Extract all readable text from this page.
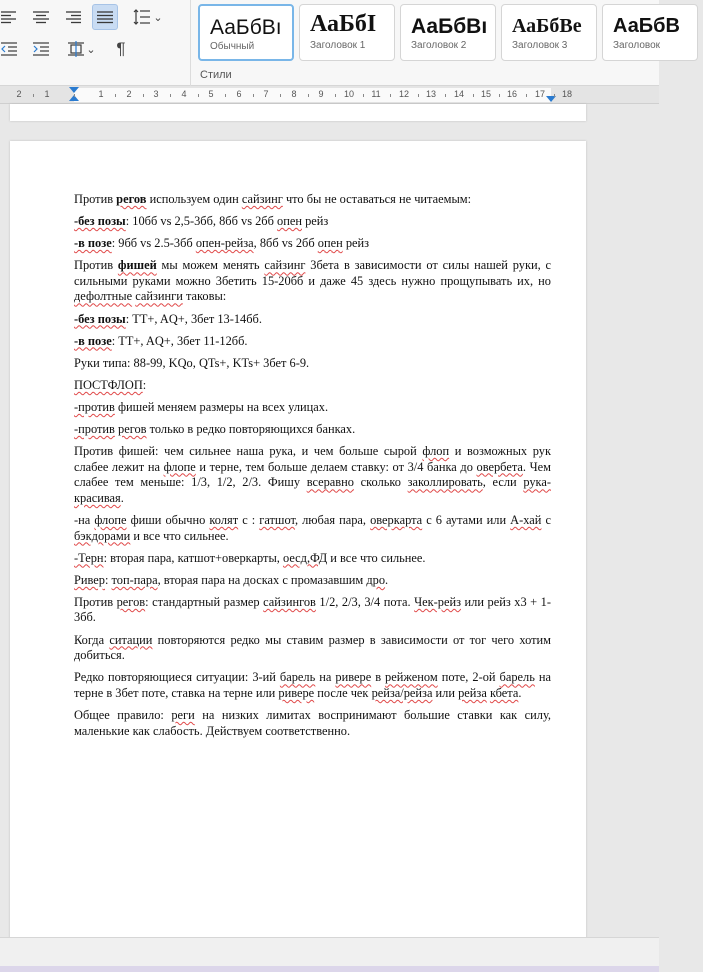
⌄
⌄ ¶
АаБбВı
Обычный
АаБбI
Заголовок 1
АаБбВı
Заголовок 2
АаБбВе
Заголовок 3
АаБбВ
Заголовок
Стили
2	1	1	2 3	4 5	6 7	8 9 10 11 12 13 14 15 16 17 18

Против регов используем один сайзинг что бы не оставаться не читаемым:

-без позы: 10бб vs 2,5-3бб, 8бб vs 2бб опен рейз

-в позе: 9бб vs 2.5-3бб опен-рейза, 8бб vs 2бб опен рейз

Против фишей мы можем менять сайзинг 3бета в зависимости от силы нашей руки, с сильными руками можно 3бетить 15-20бб и даже 45 здесь нужно прощупывать их, но дефолтные сайзинги таковы:

-без позы: TT+, AQ+, 3бет 13-14бб.

-в позе: TT+, AQ+, 3бет 11-12бб.

Руки типа: 88-99, KQo, QTs+, KTs+ 3бет 6-9.

ПОСТФЛОП:

-против фишей меняем размеры на всех улицах.

-против регов только в редко повторяющихся банках.

Против фишей: чем сильнее наша рука, и чем больше сырой флоп и возможных рук слабее лежит на флопе и терне, тем больше делаем ставку: от 3/4 банка до овербета. Чем слабее тем меньше: 1/3, 1/2, 2/3. Фишу всеравно сколько заколлировать, если рука-красивая.

-на флопе фиши обычно колят с : гатшот, любая пара, оверкарта с 6 аутами или А-хай с бэкдорами и все что сильнее.

-Терн: вторая пара, катшот+оверкарты, оесд,ФД и все что сильнее.

Ривер: топ-пара, вторая пара на досках с промазавшим дро.

Против регов: стандартный размер сайзингов 1/2, 2/3, 3/4 пота. Чек-рейз или рейз х3 + 1-3бб.

Когда ситации повторяются редко мы ставим размер в зависимости от тог чего хотим добиться.

Редко повторяющиеся ситуации: 3-ий барель на ривере в рейженом поте, 2-ой барель на терне в 3бет поте, ставка на терне или ривере после чек рейза/рейза или рейза кбета.

Общее правило: реги на низких лимитах воспринимают большие ставки как силу, маленькие как слабость. Действуем соответственно.
